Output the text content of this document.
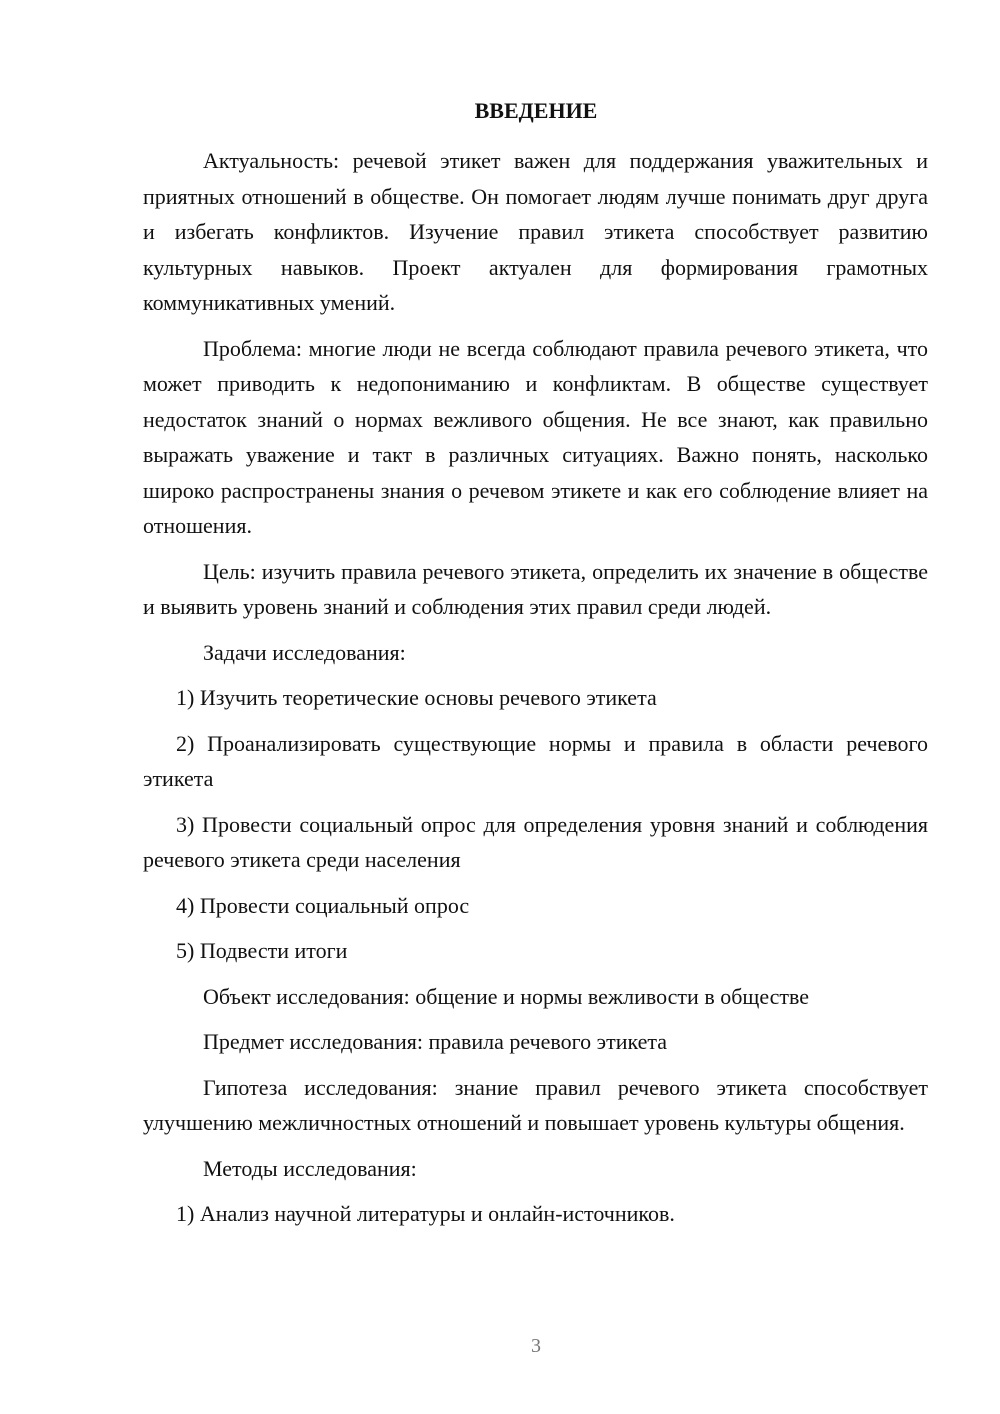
ВВЕДЕНИЕ

Актуальность: речевой этикет важен для поддержания уважительных и приятных отношений в обществе. Он помогает людям лучше понимать друг друга и избегать конфликтов. Изучение правил этикета способствует развитию культурных навыков. Проект актуален для формирования грамотных коммуникативных умений.

Проблема: многие люди не всегда соблюдают правила речевого этикета, что может приводить к недопониманию и конфликтам. В обществе существует недостаток знаний о нормах вежливого общения. Не все знают, как правильно выражать уважение и такт в различных ситуациях. Важно понять, насколько широко распространены знания о речевом этикете и как его соблюдение влияет на отношения.

Цель: изучить правила речевого этикета, определить их значение в обществе и выявить уровень знаний и соблюдения этих правил среди людей.

Задачи исследования:

1) Изучить теоретические основы речевого этикета

2) Проанализировать существующие нормы и правила в области речевого этикета

3) Провести социальный опрос для определения уровня знаний и соблюдения речевого этикета среди населения

4) Провести социальный опрос

5) Подвести итоги

Объект исследования: общение и нормы вежливости в обществе

Предмет исследования: правила речевого этикета

Гипотеза исследования: знание правил речевого этикета способствует улучшению межличностных отношений и повышает уровень культуры общения.

Методы исследования:

1) Анализ научной литературы и онлайн-источников.

3
